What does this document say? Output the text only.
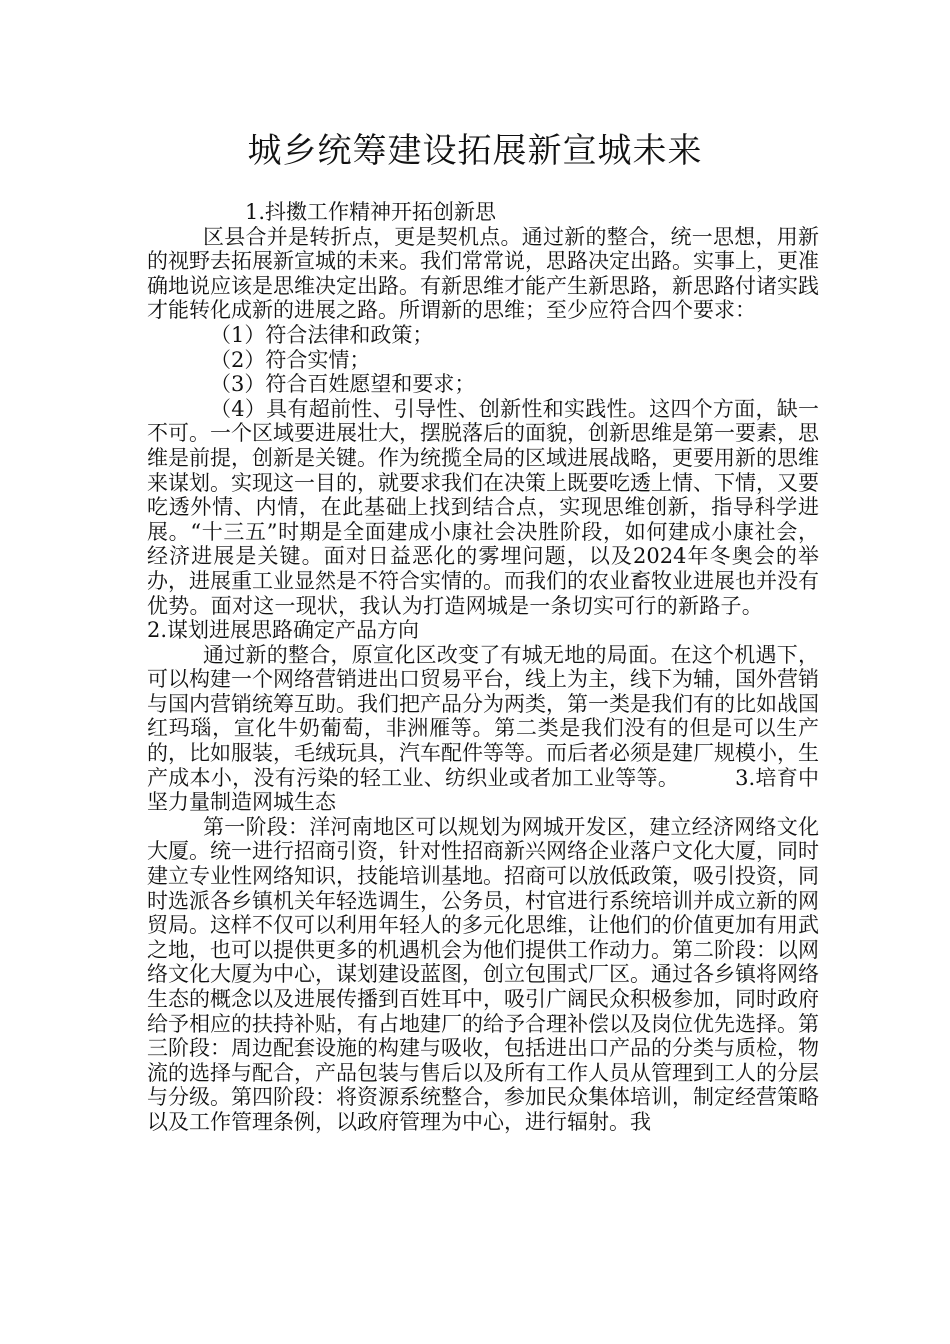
城乡统筹建设拓展新宣城未来

1.抖擞工作精神开拓创新思

区县合并是转折点，更是契机点。通过新的整合，统一思想，用新的视野去拓展新宣城的未来。我们常常说，思路决定出路。实事上，更准确地说应该是思维决定出路。有新思维才能产生新思路，新思路付诸实践才能转化成新的进展之路。所谓新的思维；至少应符合四个要求：

（1）符合法律和政策；

（2）符合实情；

（3）符合百姓愿望和要求；

（4）具有超前性、引导性、创新性和实践性。这四个方面，缺一不可。一个区域要进展壮大，摆脱落后的面貌，创新思维是第一要素，思维是前提，创新是关键。作为统揽全局的区域进展战略，更要用新的思维来谋划。实现这一目的，就要求我们在决策上既要吃透上情、下情，又要吃透外情、内情，在此基础上找到结合点，实现思维创新，指导科学进展。“十三五”时期是全面建成小康社会决胜阶段，如何建成小康社会，经济进展是关键。面对日益恶化的雾埋问题，以及2024年冬奥会的举办，进展重工业显然是不符合实情的。而我们的农业畜牧业进展也并没有优势。面对这一现状，我认为打造网城是一条切实可行的新路子。2.谋划进展思路确定产品方向

通过新的整合，原宣化区改变了有城无地的局面。在这个机遇下，可以构建一个网络营销进出口贸易平台，线上为主，线下为辅，国外营销与国内营销统筹互助。我们把产品分为两类，第一类是我们有的比如战国红玛瑙，宣化牛奶葡萄，非洲雁等。第二类是我们没有的但是可以生产的，比如服装，毛绒玩具，汽车配件等等。而后者必须是建厂规模小，生产成本小，没有污染的轻工业、纺织业或者加工业等等。	3.培育中坚力量制造网城生态

第一阶段：洋河南地区可以规划为网城开发区，建立经济网络文化大厦。统一进行招商引资，针对性招商新兴网络企业落户文化大厦，同时建立专业性网络知识，技能培训基地。招商可以放低政策，吸引投资，同时选派各乡镇机关年轻选调生，公务员，村官进行系统培训并成立新的网贸局。这样不仅可以利用年轻人的多元化思维，让他们的价值更加有用武之地，也可以提供更多的机遇机会为他们提供工作动力。第二阶段：以网络文化大厦为中心，谋划建设蓝图，创立包围式厂区。通过各乡镇将网络生态的概念以及进展传播到百姓耳中，吸引广阔民众积极参加，同时政府给予相应的扶持补贴，有占地建厂的给予合理补偿以及岗位优先选择。第三阶段：周边配套设施的构建与吸收，包括进出口产品的分类与质检，物流的选择与配合，产品包装与售后以及所有工作人员从管理到工人的分层与分级。第四阶段：将资源系统整合，参加民众集体培训，制定经营策略以及工作管理条例，以政府管理为中心，进行辐射。我
